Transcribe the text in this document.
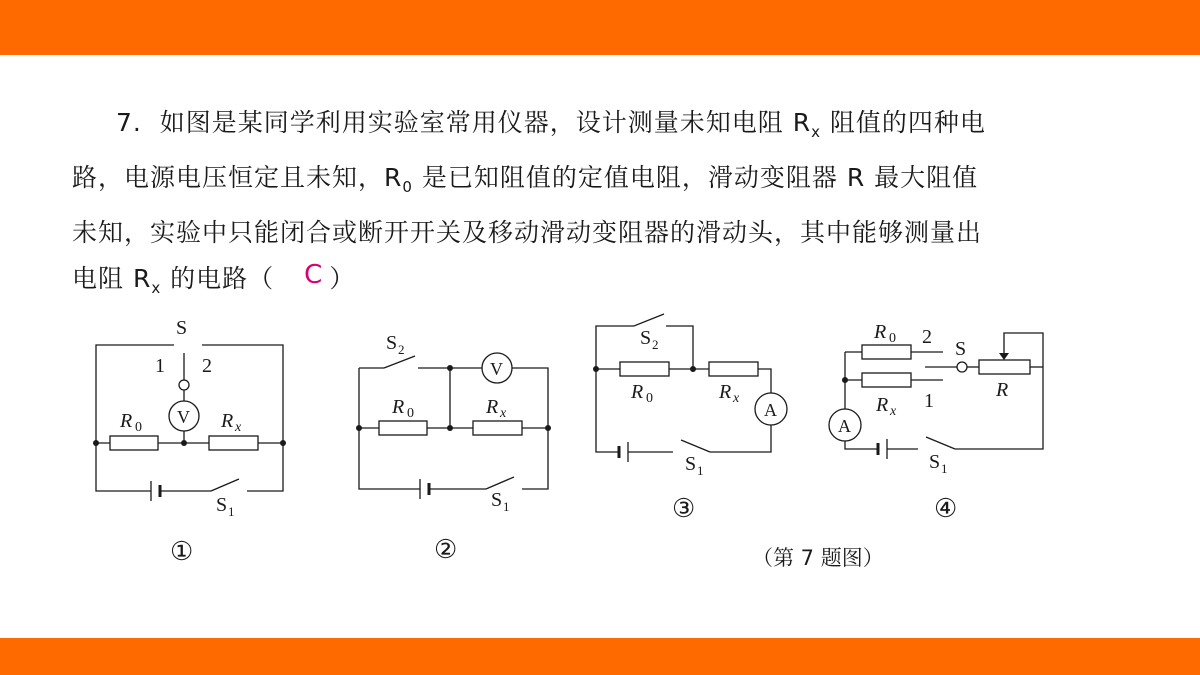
7. 如图是某同学利用实验室常用仪器，设计测量未知电阻 $R_x$ 阻值的四种电
路，电源电压恒定且未知，$R_0$ 是已知阻值的定值电阻，滑动变阻器 R 最大阻值
未知，实验中只能闭合或断开开关及移动滑动变阻器的滑动头，其中能够测量出
电阻 $R_x$ 的电路（ C ）
S
1 2
V
R 0	R x
S 1
①
S 2
V
R 0	R x
S 1
②
S 2
R 0	R x
A
S 1
③
R 0 2
S
R
R x 1
A
S 1
④
（第 7 题图）
